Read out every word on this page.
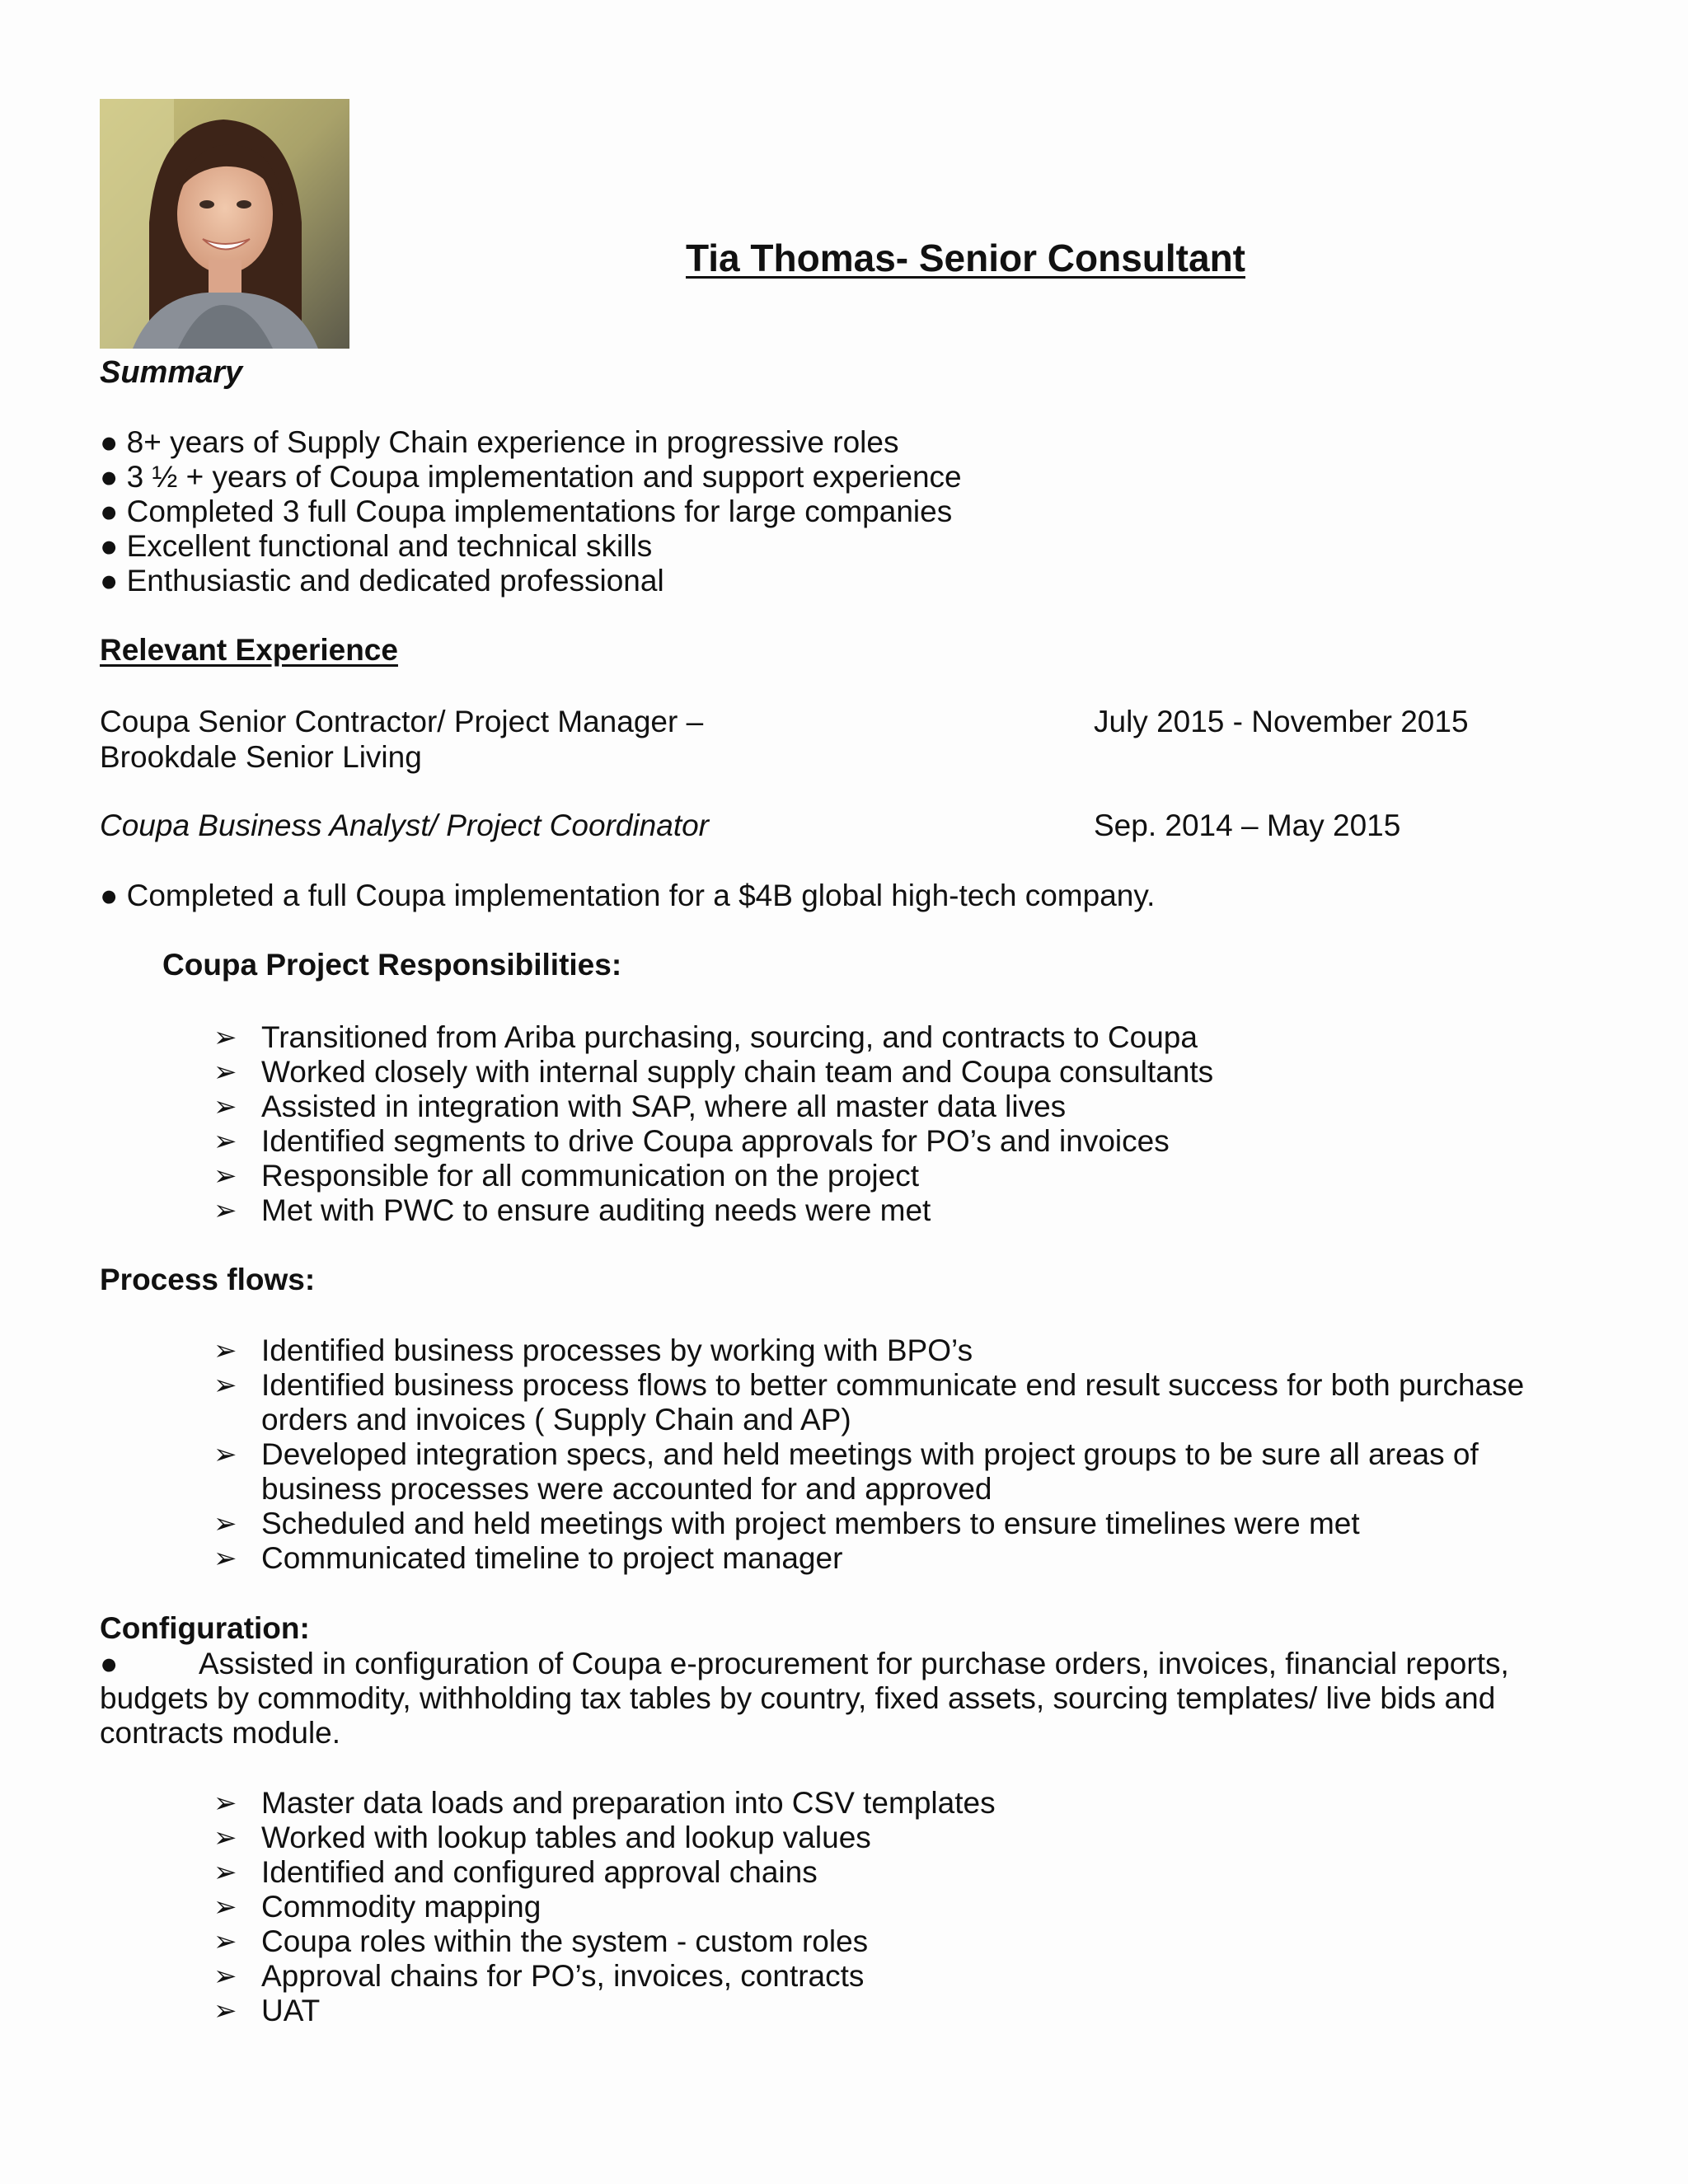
Tia Thomas- Senior Consultant
Summary
● 8+ years of Supply Chain experience in progressive roles
● 3 ½ + years of Coupa implementation and support experience
● Completed 3 full Coupa implementations for large companies
● Excellent functional and technical skills
● Enthusiastic and dedicated professional
Relevant Experience
Coupa Senior Contractor/ Project Manager –
Brookdale Senior Living
July 2015 - November 2015
Coupa Business Analyst/ Project Coordinator	Sep. 2014 – May 2015
● Completed a full Coupa implementation for a $4B global high-tech company.
Coupa Project Responsibilities:
➢ Transitioned from Ariba purchasing, sourcing, and contracts to Coupa
➢ Worked closely with internal supply chain team and Coupa consultants
➢ Assisted in integration with SAP, where all master data lives
➢ Identified segments to drive Coupa approvals for PO’s and invoices
➢ Responsible for all communication on the project
➢ Met with PWC to ensure auditing needs were met
Process flows:
➢ Identified business processes by working with BPO’s
➢ Identified business process flows to better communicate end result success for both purchase
orders and invoices ( Supply Chain and AP)
➢ Developed integration specs, and held meetings with project groups to be sure all areas of
business processes were accounted for and approved
➢ Scheduled and held meetings with project members to ensure timelines were met
➢ Communicated timeline to project manager
Configuration:
●	Assisted in configuration of Coupa e-procurement for purchase orders, invoices, financial reports, budgets by commodity, withholding tax tables by country, fixed assets, sourcing templates/ live bids and contracts module.
➢ Master data loads and preparation into CSV templates
➢ Worked with lookup tables and lookup values
➢ Identified and configured approval chains
➢ Commodity mapping
➢ Coupa roles within the system - custom roles
➢ Approval chains for PO’s, invoices, contracts
➢ UAT
